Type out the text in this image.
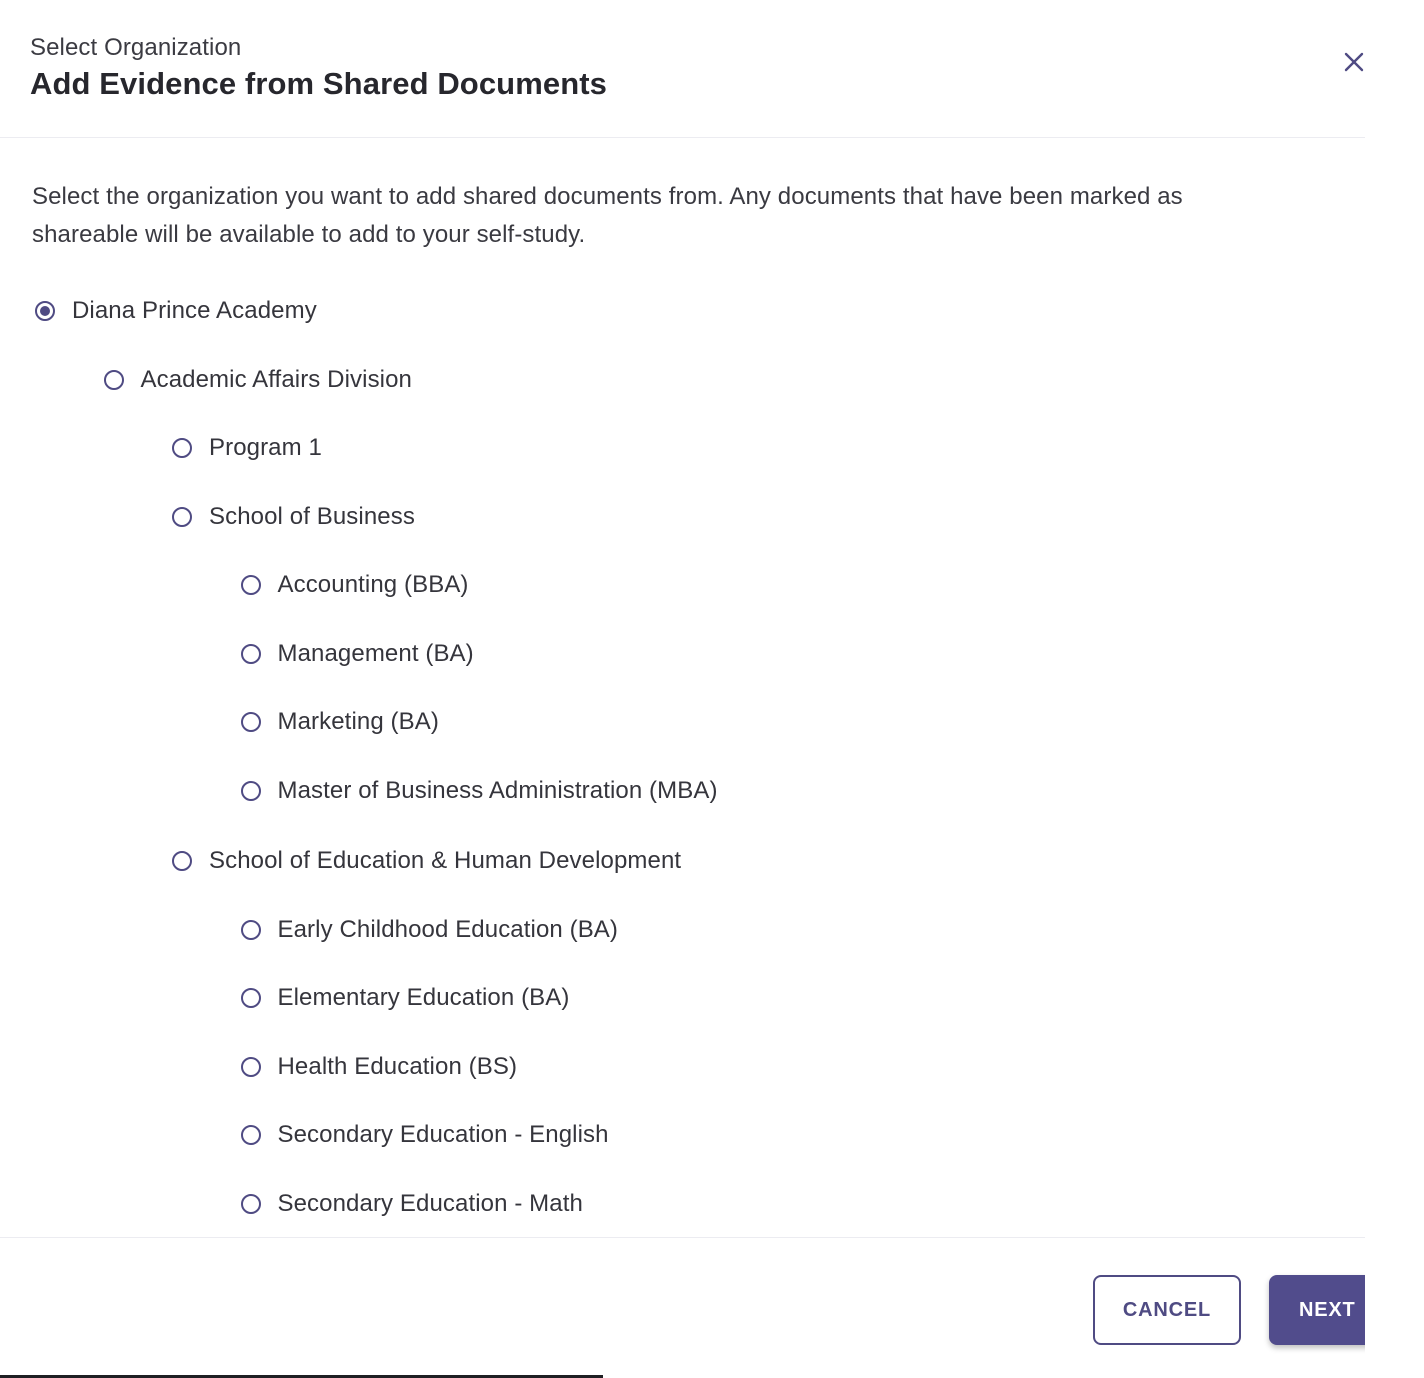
Select Organization
Add Evidence from Shared Documents

Select the organization you want to add shared documents from. Any documents that have been marked as shareable will be available to add to your self-study.

Diana Prince Academy
Academic Affairs Division
Program 1
School of Business
Accounting (BBA)
Management (BA)
Marketing (BA)
Master of Business Administration (MBA)
School of Education & Human Development
Early Childhood Education (BA)
Elementary Education (BA)
Health Education (BS)
Secondary Education - English
Secondary Education - Math
CANCEL	NEXT
